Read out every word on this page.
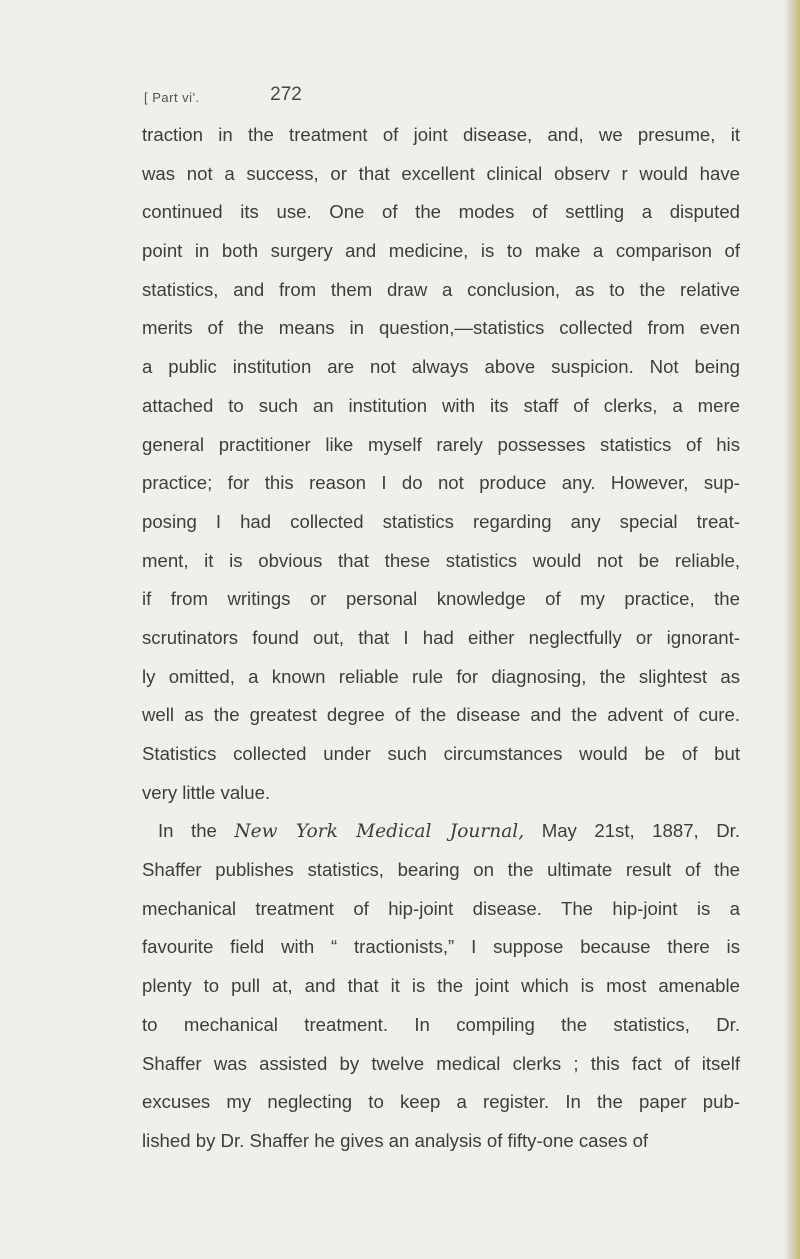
[ Part vi'.	272
traction in the treatment of joint disease, and, we presume, it
was not a success, or that excellent clinical observ r would have
continued its use. One of the modes of settling a disputed
point in both surgery and medicine, is to make a comparison of
statistics, and from them draw a conclusion, as to the relative
merits of the means in question,—statistics collected from even
a public institution are not always above suspicion. Not being
attached to such an institution with its staff of clerks, a mere
general practitioner like myself rarely possesses statistics of his
practice; for this reason I do not produce any. However, sup-
posing I had collected statistics regarding any special treat-
ment, it is obvious that these statistics would not be reliable,
if from writings or personal knowledge of my practice, the
scrutinators found out, that I had either neglectfully or ignorant-
ly omitted, a known reliable rule for diagnosing, the slightest as
well as the greatest degree of the disease and the advent of cure.
Statistics collected under such circumstances would be of but
very little value.
In the New York Medical Journal, May 21st, 1887, Dr.
Shaffer publishes statistics, bearing on the ultimate result of the
mechanical treatment of hip-joint disease. The hip-joint is a
favourite field with “ tractionists,” I suppose because there is
plenty to pull at, and that it is the joint which is most amenable
to mechanical treatment. In compiling the statistics, Dr.
Shaffer was assisted by twelve medical clerks ; this fact of itself
excuses my neglecting to keep a register. In the paper pub-
lished by Dr. Shaffer he gives an analysis of fifty-one cases of
